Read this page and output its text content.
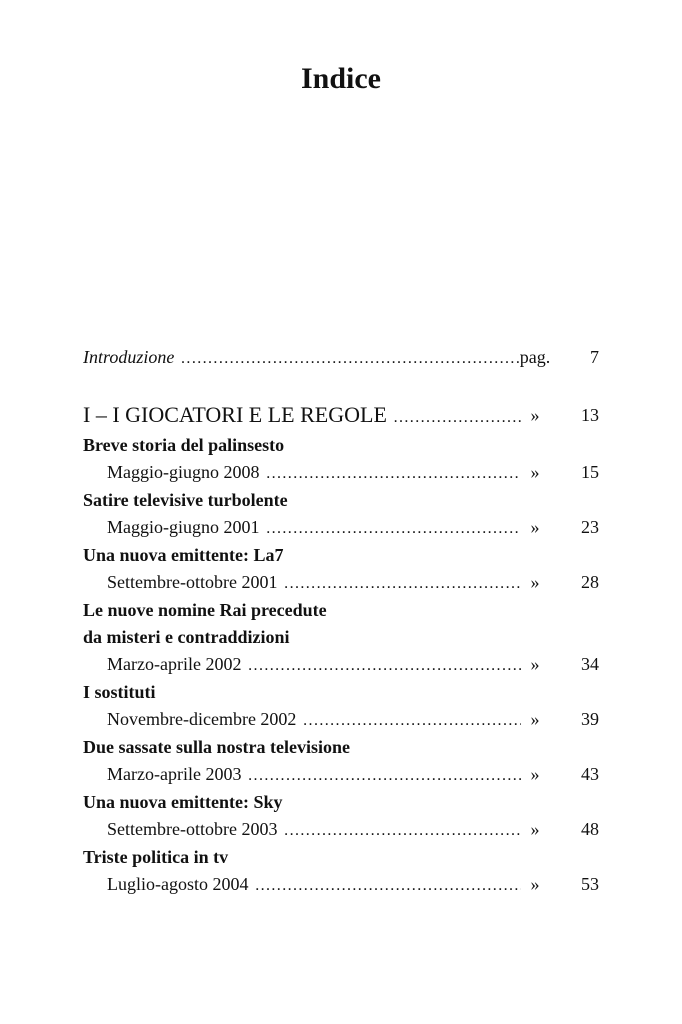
Indice
Introduzione . . .	pag.	7
I – I GIOCATORI E LE REGOLE . . .	»	13
Breve storia del palinsesto
Maggio-giugno 2008 . . .	»	15
Satire televisive turbolente
Maggio-giugno 2001 . . .	»	23
Una nuova emittente: La7
Settembre-ottobre 2001 . . .	»	28
Le nuove nomine Rai precedute
da misteri e contraddizioni
Marzo-aprile 2002 . . .	»	34
I sostituti
Novembre-dicembre 2002 . . .	»	39
Due sassate sulla nostra televisione
Marzo-aprile 2003 . . .	»	43
Una nuova emittente: Sky
Settembre-ottobre 2003 . . .	»	48
Triste politica in tv
Luglio-agosto 2004 . . .	»	53
